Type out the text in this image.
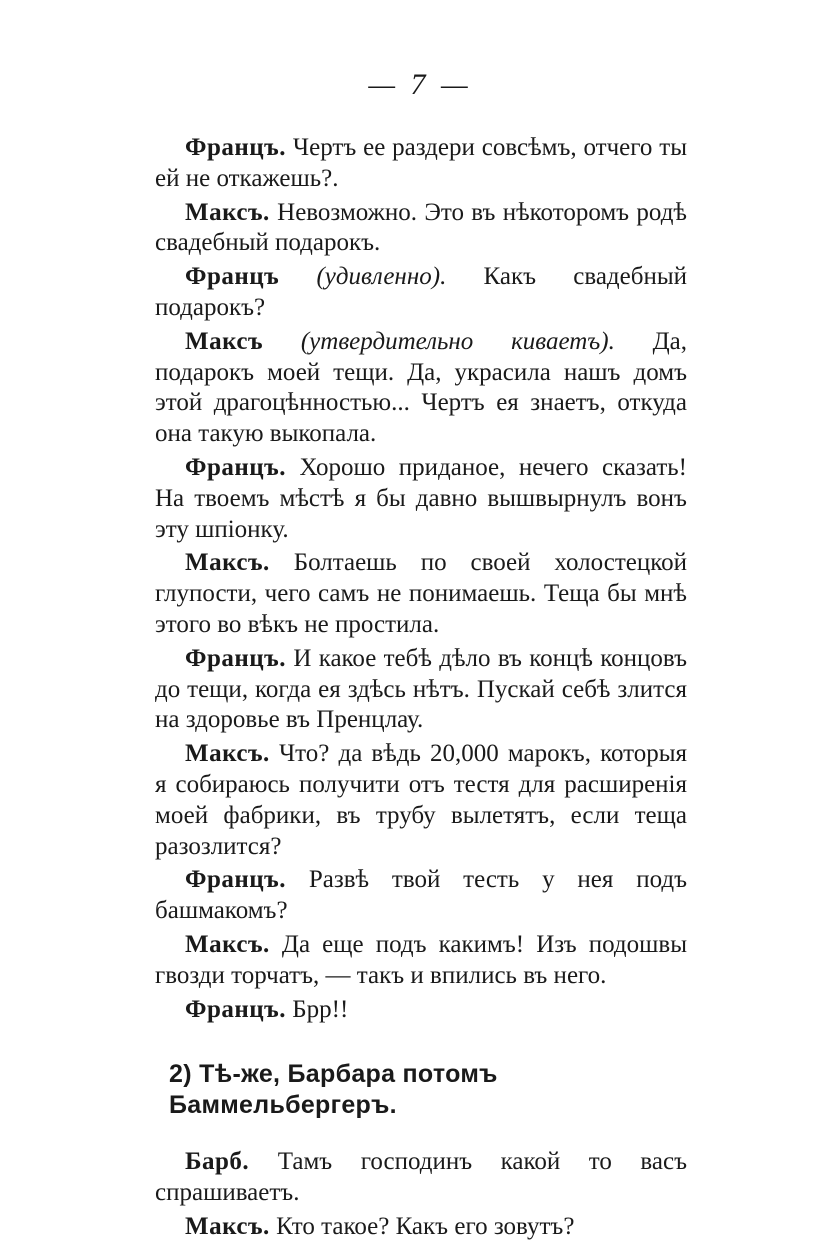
— 7 —

Францъ. Чертъ ее раздери совсѣмъ, отчего ты ей не откажешь?.

Максъ. Невозможно. Это въ нѣкоторомъ родѣ свадебный подарокъ.

Францъ (удивленно). Какъ свадебный подарокъ?

Максъ (утвердительно киваетъ). Да, подарокъ моей тещи. Да, украсила нашъ домъ этой драгоцѣнностью... Чертъ ея знаетъ, откуда она такую выкопала.

Францъ. Хорошо приданое, нечего сказать! На твоемъ мѣстѣ я бы давно вышвырнулъ вонъ эту шпіонку.

Максъ. Болтаешь по своей холостецкой глупости, чего самъ не понимаешь. Теща бы мнѣ этого во вѣкъ не простила.

Францъ. И какое тебѣ дѣло въ концѣ концовъ до тещи, когда ея здѣсь нѣтъ. Пускай себѣ злится на здоровье въ Пренцлау.

Максъ. Что? да вѣдь 20,000 марокъ, которыя я собираюсь получити отъ тестя для расширенія моей фабрики, въ трубу вылетятъ, если теща разозлится?

Францъ. Развѣ твой тесть у нея подъ башмакомъ?

Максъ. Да еще подъ какимъ! Изъ подошвы гвозди торчатъ, — такъ и впились въ него.

Францъ. Брр!!

2) Тѣ-же, Барбара потомъ Баммельбергеръ.

Барб. Тамъ господинъ какой то васъ спрашиваетъ.

Максъ. Кто такое? Какъ его зовутъ?
